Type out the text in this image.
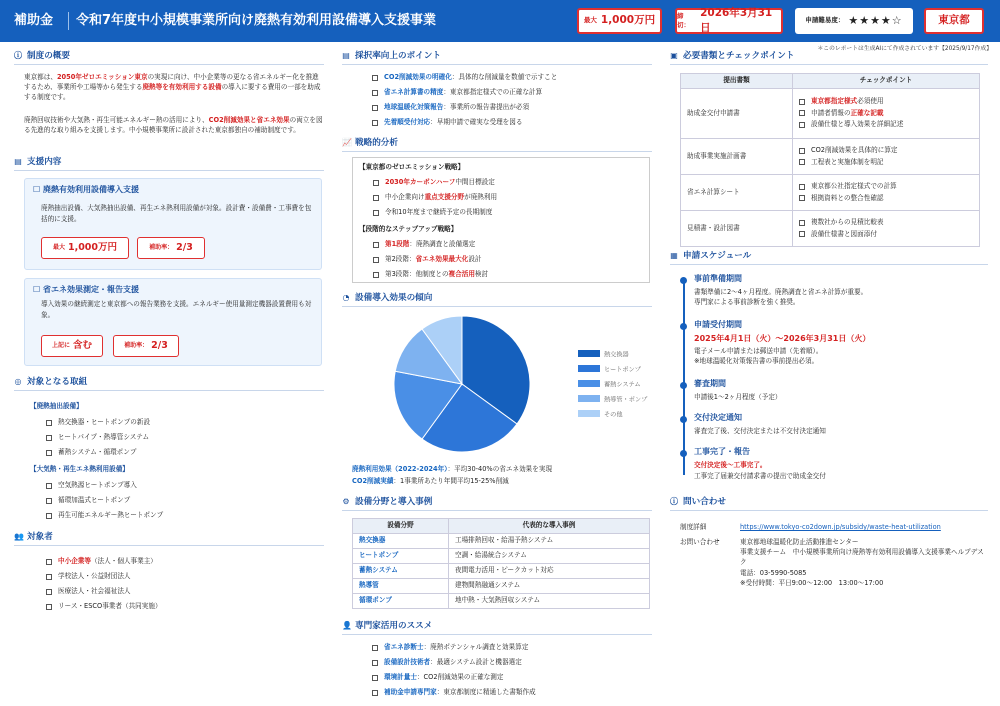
補助金 令和7年度中小規模事業所向け廃熱有効利用設備導入支援事業	最大 1,000万円	締切：
2026年3月31日
申請難易度： ★★★★☆	東京都
＊このレポートは生成AIにて作成されています【2025/9/17作成】
ⓘ 制度の概要
東京都は、2050年ゼロエミッション東京の実現に向け、中小企業等の更なる省エネルギー化を推進するため、事業所や工場等から発生する廃熱等を有効利用する設備の導入に要する費用の一部を助成する制度です。
廃熱回収技術や大気熱・再生可能エネルギー熱の活用により、CO2削減効果と省エネ効果の両立を図る先進的な取り組みを支援します。中小規模事業所に設計された東京都独自の補助制度です。
▤ 支援内容
☐ 廃熱有効利用設備導入支援
廃熱抽出設備、大気熱抽出設備、再生エネ熱利用設備が対象。設計費・設備費・工事費を包括的に支援。
最大 1,000万円	補助率： 2/3
☐ 省エネ効果測定・報告支援
導入効果の継続測定と東京都への報告業務を支援。エネルギー使用量測定機器設置費用も対象。
上記に 含む	補助率： 2/3
◎ 対象となる取組
【廃熱抽出設備】
熱交換器・ヒートポンプの新設
ヒートパイプ・熱導管システム
蓄熱システム・循環ポンプ
【大気熱・再生エネ熱利用設備】
空気熱源ヒートポンプ導入
循環加温式ヒートポンプ
再生可能エネルギー熱ヒートポンプ
👥 対象者
中小企業等（法人・個人事業主）
学校法人・公益財団法人
医療法人・社会福祉法人
リース・ESCO事業者（共同実施）
▤ 採択率向上のポイント
CO2削減効果の明確化：具体的な削減量を数値で示すこと
省エネ計算書の精度：東京都指定様式での正確な計算
地球温暖化対策報告：事業所の報告書提出が必須
先着順受付対応：早期申請で確実な受理を図る
📈 戦略的分析
【東京都のゼロエミッション戦略】
2030年カーボンハーフ中間目標設定
中小企業向け重点支援分野が廃熱利用
令和10年度まで継続予定の長期制度
【段階的なステップアップ戦略】
第1段階：廃熱調査と設備選定
第2段階：省エネ効果最大化設計
第3段階：他制度との複合活用検討
◔ 設備導入効果の傾向
熱交換器
ヒートポンプ
蓄熱システム
熱導管・ポンプ
その他
廃熱利用効果（2022-2024年）：平均30-40%の省エネ効果を実現
CO2削減実績：1事業所あたり年間平均15-25%削減
⚙ 設備分野と導入事例
設備分野	代表的な導入事例
熱交換器	工場排熱回収・給湯予熱システム
ヒートポンプ	空調・給湯統合システム
蓄熱システム	夜間電力活用・ピークカット対応
熱導管	建物間熱融通システム
循環ポンプ	地中熱・大気熱回収システム
👤 専門家活用のススメ
省エネ診断士：廃熱ポテンシャル調査と効果算定
設備設計技術者：最適システム設計と機器選定
環境計量士：CO2削減効果の正確な測定
補助金申請専門家：東京都制度に精通した書類作成
▣ 必要書類とチェックポイント
提出書類	チェックポイント
助成金交付申請書	東京都指定様式必須使用
申請者情報の正確な記載
設備仕様と導入効果を詳細記述

助成事業実施計画書	CO2削減効果を具体的に算定
工程表と実施体制を明記

省エネ計算シート	東京都公社指定様式での計算
根拠資料との整合性確認

見積書・設計図書	複数社からの見積比較表
設備仕様書と図面添付
▦ 申請スケジュール
事前準備期間
書類準備に2〜4ヶ月程度。廃熱調査と省エネ計算が重要。
専門家による事前診断を強く推奨。
申請受付期間
2025年4月1日（火）〜2026年3月31日（火）
電子メール申請または郵送申請（先着順）。
※地球温暖化対策報告書の事前提出必須。
審査期間
申請後1〜2ヶ月程度（予定）
交付決定通知
審査完了後、交付決定または不交付決定通知
工事完了・報告
交付決定後〜工事完了。
工事完了届兼交付請求書の提出で助成金交付
ⓘ 問い合わせ
制度詳細	https://www.tokyo-co2down.jp/subsidy/waste-heat-utilization
お問い合わせ	東京都地球温暖化防止活動推進センター
事業支援チーム　中小規模事業所向け廃熱等有効利用設備導入支援事業ヘルプデスク
電話：03-5990-5085
※受付時間：平日9:00〜12:00　13:00〜17:00
